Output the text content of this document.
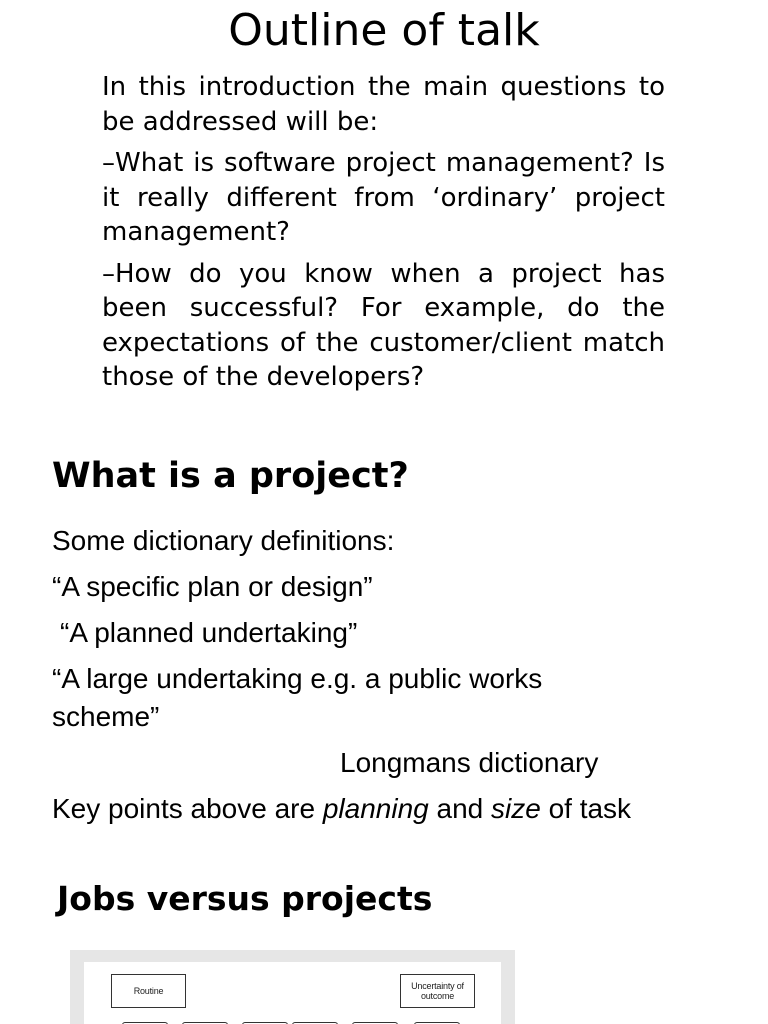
Outline of talk

In this introduction the main questions to be addressed will be:

–What is software project management? Is it really different from ‘ordinary’ project management?

–How do you know when a project has been successful? For example, do the expectations of the customer/client match those of the developers?

What is a project?

Some dictionary definitions:

“A specific plan or design”

“A planned undertaking”

“A large undertaking e.g. a public works scheme”

Longmans dictionary

Key points above are planning and size of task

Jobs versus projects
Routine	Uncertainty of outcome
